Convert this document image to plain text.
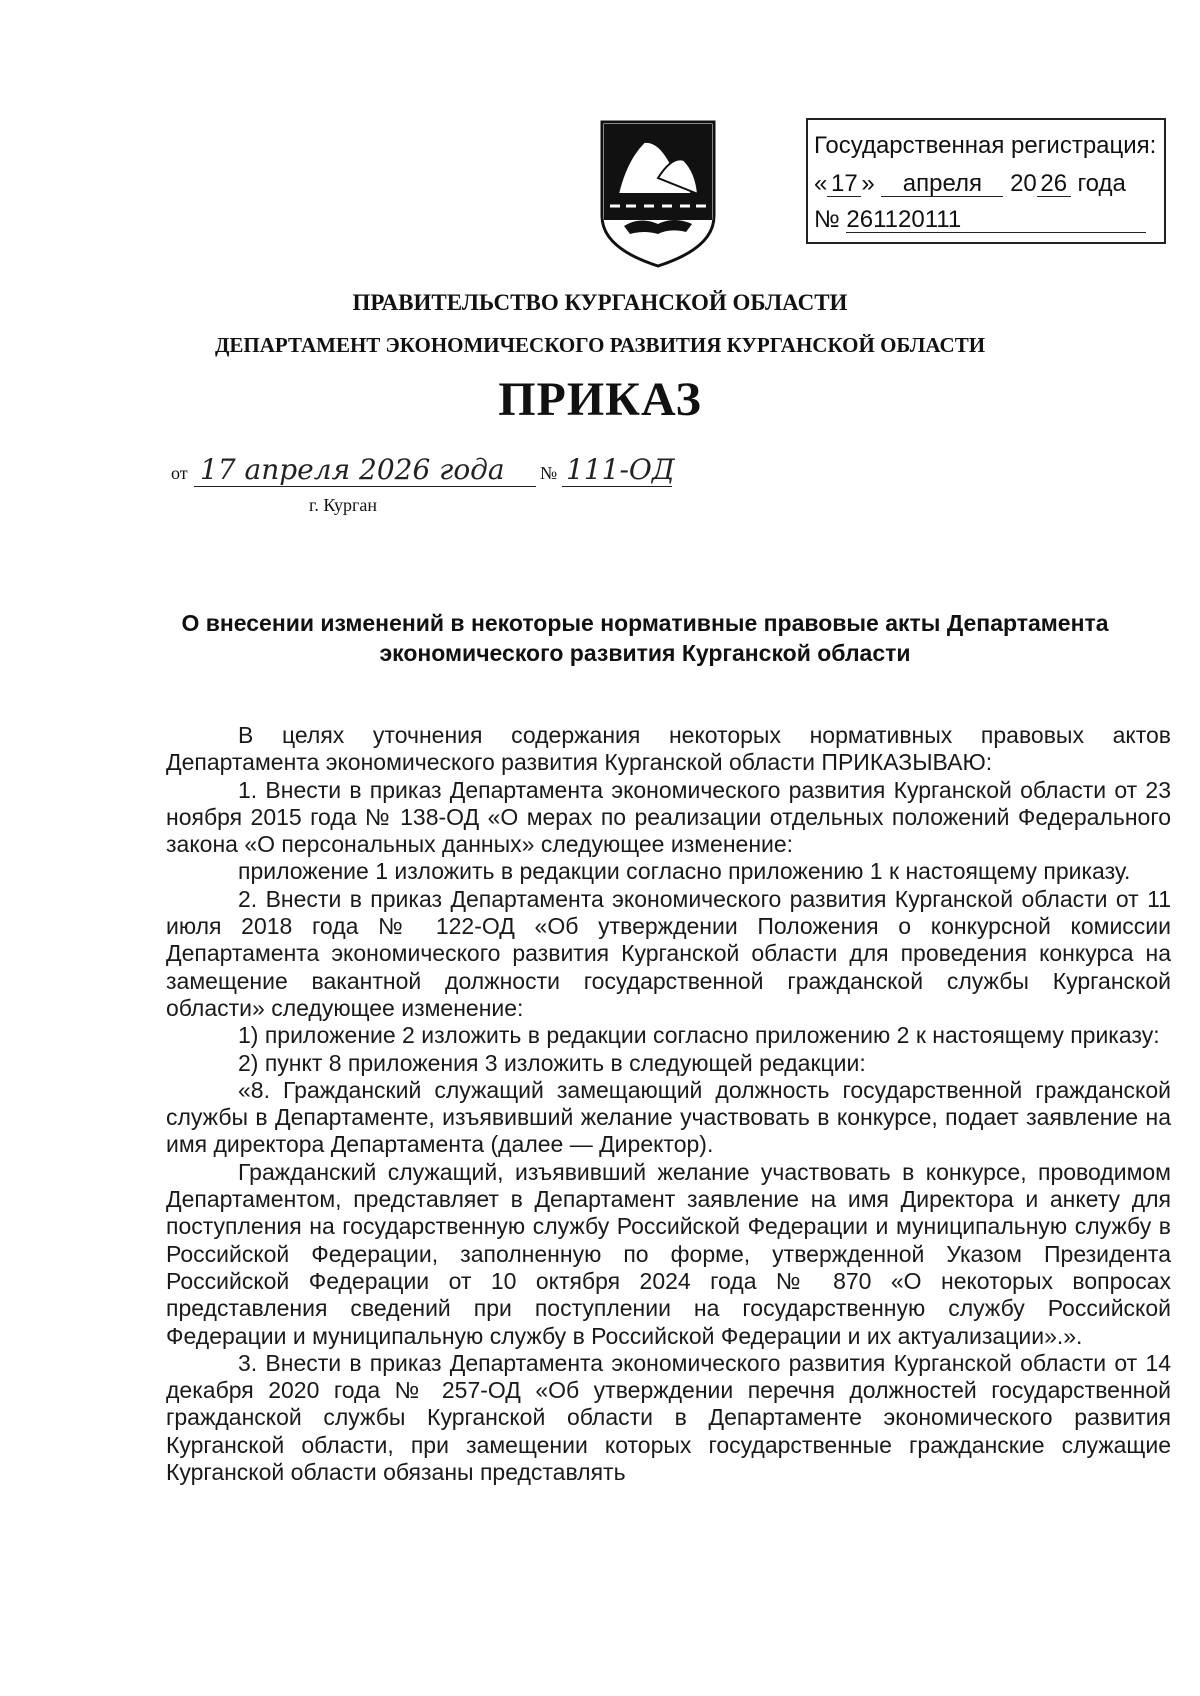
Государственная регистрация:
« 17 » апреля 20 26 года
№ 261120111
ПРАВИТЕЛЬСТВО КУРГАНСКОЙ ОБЛАСТИ
ДЕПАРТАМЕНТ ЭКОНОМИЧЕСКОГО РАЗВИТИЯ КУРГАНСКОЙ ОБЛАСТИ
ПРИКАЗ
от 17 апреля 2026 года № 111-ОД
г. Курган
О внесении изменений в некоторые нормативные правовые акты Департамента экономического развития Курганской области

В целях уточнения содержания некоторых нормативных правовых актов Департамента экономического развития Курганской области ПРИКАЗЫВАЮ:

1. Внести в приказ Департамента экономического развития Курганской области от 23 ноября 2015 года № 138-ОД «О мерах по реализации отдельных положений Федерального закона «О персональных данных» следующее изменение:

приложение 1 изложить в редакции согласно приложению 1 к настоящему приказу.

2. Внести в приказ Департамента экономического развития Курганской области от 11 июля 2018 года № 122-ОД «Об утверждении Положения о конкурсной комиссии Департамента экономического развития Курганской области для проведения конкурса на замещение вакантной должности государственной гражданской службы Курганской области» следующее изменение:

1) приложение 2 изложить в редакции согласно приложению 2 к настоящему приказу:

2) пункт 8 приложения 3 изложить в следующей редакции:

«8. Гражданский служащий замещающий должность государственной гражданской службы в Департаменте, изъявивший желание участвовать в конкурсе, подает заявление на имя директора Департамента (далее — Директор).

Гражданский служащий, изъявивший желание участвовать в конкурсе, проводимом Департаментом, представляет в Департамент заявление на имя Директора и анкету для поступления на государственную службу Российской Федерации и муниципальную службу в Российской Федерации, заполненную по форме, утвержденной Указом Президента Российской Федерации от 10 октября 2024 года № 870 «О некоторых вопросах представления сведений при поступлении на государственную службу Российской Федерации и муниципальную службу в Российской Федерации и их актуализации».».

3. Внести в приказ Департамента экономического развития Курганской области от 14 декабря 2020 года № 257-ОД «Об утверждении перечня должностей государственной гражданской службы Курганской области в Департаменте экономического развития Курганской области, при замещении которых государственные гражданские служащие Курганской области обязаны представлять
